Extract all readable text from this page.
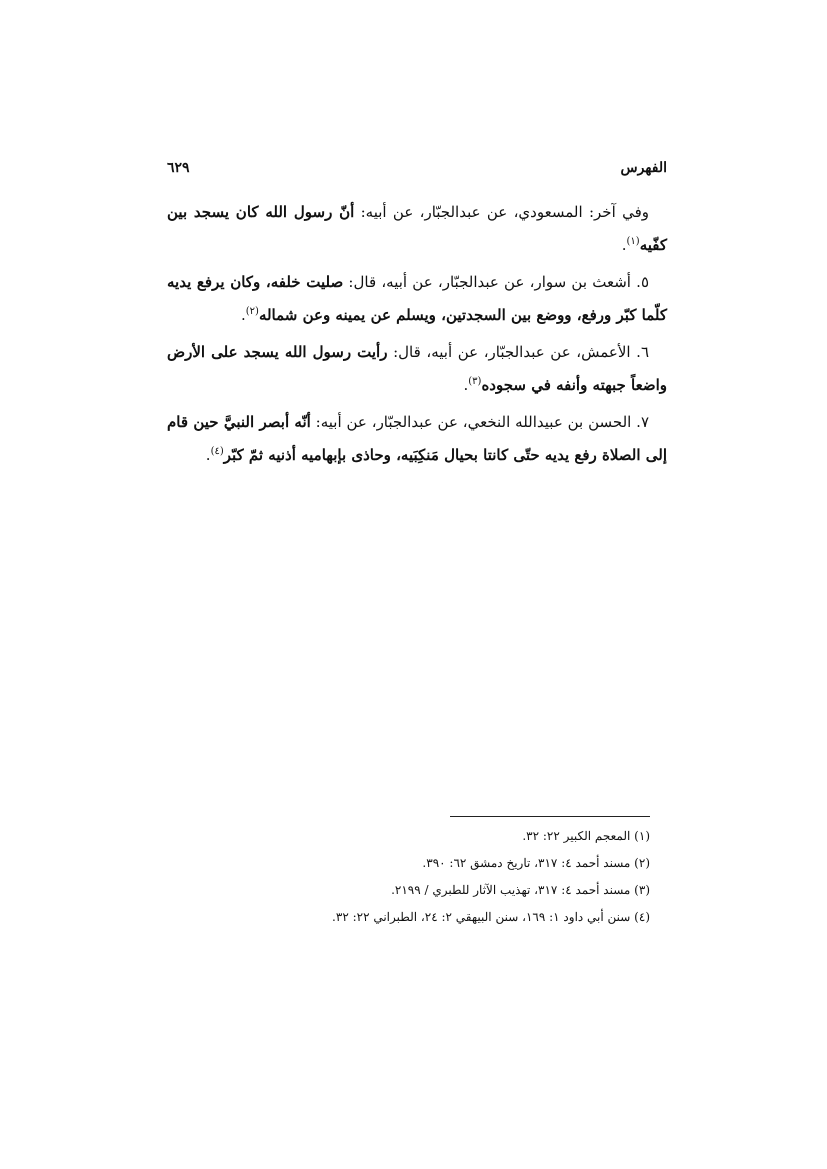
الفهرس
٦٢٩

وفي آخر: المسعودي، عن عبدالجبّار، عن أبيه: أنّ رسول الله كان يسجد بين كفّيه$^{(١)}$.

٥. أشعث بن سوار، عن عبدالجبّار، عن أبيه، قال: صليت خلفه، وكان يرفع يديه كلّما كبّر ورفع، ووضع بين السجدتين، ويسلم عن يمينه وعن شماله$^{(٢)}$.

٦. الأعمش، عن عبدالجبّار، عن أبيه، قال: رأيت رسول الله يسجد على الأرض واضعاً جبهته وأنفه في سجوده$^{(٣)}$.

٧. الحسن بن عبيدالله النخعي، عن عبدالجبّار، عن أبيه: أنّه أبصر النبيَّ حين قام إلى الصلاة رفع يديه حتّى كانتا بحيال مَنكِبَيه، وحاذى بإبهاميه أذنيه ثمّ كبّر$^{(٤)}$.

(١) المعجم الكبير ٢٢: ٣٢.

(٢) مسند أحمد ٤: ٣١٧، تاريخ دمشق ٦٢: ٣٩٠.

(٣) مسند أحمد ٤: ٣١٧، تهذيب الآثار للطبري / ٢١٩٩.

(٤) سنن أبي داود ١: ١٦٩، سنن البيهقي ٢: ٢٤، الطبراني ٢٢: ٣٢.
